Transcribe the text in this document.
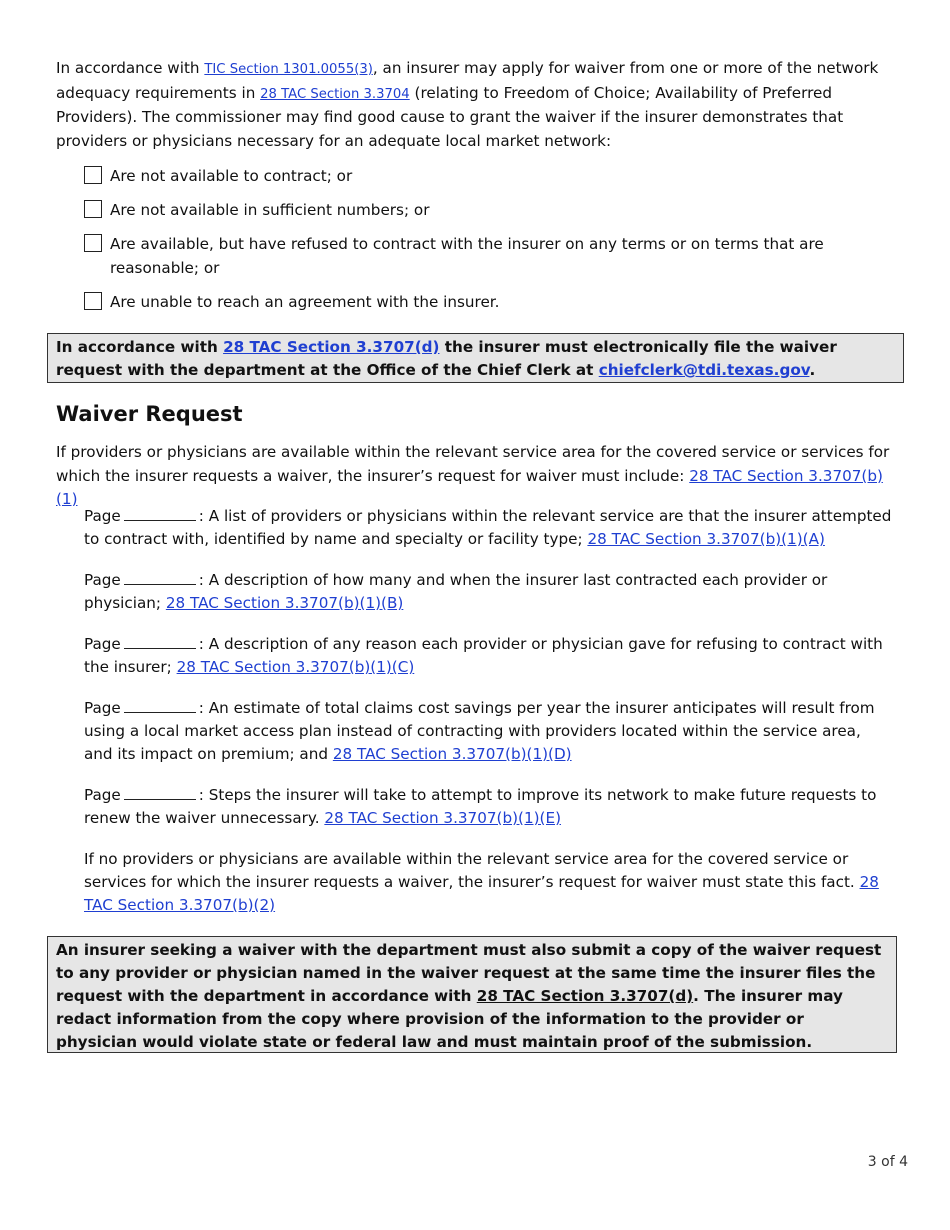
In accordance with TIC Section 1301.0055(3), an insurer may apply for waiver from one or more of the network adequacy requirements in 28 TAC Section 3.3704 (relating to Freedom of Choice; Availability of Preferred Providers). The commissioner may find good cause to grant the waiver if the insurer demonstrates that providers or physicians necessary for an adequate local market network:

Are not available to contract; or
Are not available in sufficient numbers; or
Are available, but have refused to contract with the insurer on any terms or on terms that are reasonable; or
Are unable to reach an agreement with the insurer.
In accordance with 28 TAC Section 3.3707(d) the insurer must electronically file the waiver request with the department at the Office of the Chief Clerk at chiefclerk@tdi.texas.gov.
Waiver Request

If providers or physicians are available within the relevant service area for the covered service or services for which the insurer requests a waiver, the insurer’s request for waiver must include: 28 TAC Section 3.3707(b)(1)

Page	: A list of providers or physicians within the relevant service are that the insurer attempted to contract with, identified by name and specialty or facility type; 28 TAC Section 3.3707(b)(1)(A)

Page	: A description of how many and when the insurer last contracted each provider or physician; 28 TAC Section 3.3707(b)(1)(B)

Page	: A description of any reason each provider or physician gave for refusing to contract with the insurer; 28 TAC Section 3.3707(b)(1)(C)

Page	: An estimate of total claims cost savings per year the insurer anticipates will result from using a local market access plan instead of contracting with providers located within the service area, and its impact on premium; and 28 TAC Section 3.3707(b)(1)(D)

Page	: Steps the insurer will take to attempt to improve its network to make future requests to renew the waiver unnecessary. 28 TAC Section 3.3707(b)(1)(E)

If no providers or physicians are available within the relevant service area for the covered service or services for which the insurer requests a waiver, the insurer’s request for waiver must state this fact. 28 TAC Section 3.3707(b)(2)

An insurer seeking a waiver with the department must also submit a copy of the waiver request to any provider or physician named in the waiver request at the same time the insurer files the request with the department in accordance with 28 TAC Section 3.3707(d). The insurer may redact information from the copy where provision of the information to the provider or physician would violate state or federal law and must maintain proof of the submission.
3 of 4
